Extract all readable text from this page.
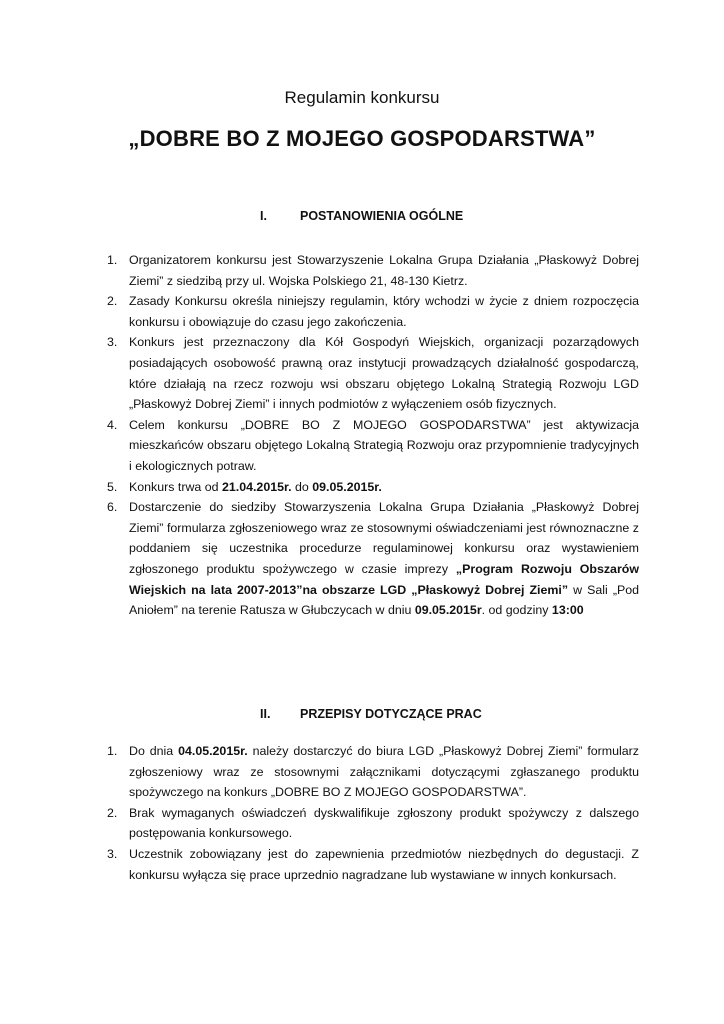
Regulamin konkursu
„DOBRE BO Z MOJEGO GOSPODARSTWA”
I.	POSTANOWIENIA OGÓLNE
1. Organizatorem konkursu jest Stowarzyszenie Lokalna Grupa Działania „Płaskowyż Dobrej Ziemi” z siedzibą przy ul. Wojska Polskiego 21, 48-130 Kietrz.
2. Zasady Konkursu określa niniejszy regulamin, który wchodzi w życie z dniem rozpoczęcia konkursu i obowiązuje do czasu jego zakończenia.
3. Konkurs jest przeznaczony dla Kół Gospodyń Wiejskich, organizacji pozarządowych posiadających osobowość prawną oraz instytucji prowadzących działalność gospodarczą, które działają na rzecz rozwoju wsi obszaru objętego Lokalną Strategią Rozwoju LGD „Płaskowyż Dobrej Ziemi” i innych podmiotów z wyłączeniem osób fizycznych.
4. Celem konkursu „DOBRE BO Z MOJEGO GOSPODARSTWA” jest aktywizacja mieszkańców obszaru objętego Lokalną Strategią Rozwoju oraz przypomnienie tradycyjnych i ekologicznych potraw.
5. Konkurs trwa od 21.04.2015r. do 09.05.2015r.
6. Dostarczenie do siedziby Stowarzyszenia Lokalna Grupa Działania „Płaskowyż Dobrej Ziemi” formularza zgłoszeniowego wraz ze stosownymi oświadczeniami jest równoznaczne z poddaniem się uczestnika procedurze regulaminowej konkursu oraz wystawieniem zgłoszonego produktu spożywczego w czasie imprezy „Program Rozwoju Obszarów Wiejskich na lata 2007-2013”na obszarze LGD „Płaskowyż Dobrej Ziemi” w Sali „Pod Aniołem” na terenie Ratusza w Głubczycach w dniu 09.05.2015r. od godziny 13:00
II. PRZEPISY DOTYCZĄCE PRAC
1. Do dnia 04.05.2015r. należy dostarczyć do biura LGD „Płaskowyż Dobrej Ziemi” formularz zgłoszeniowy wraz ze stosownymi załącznikami dotyczącymi zgłaszanego produktu spożywczego na konkurs „DOBRE BO Z MOJEGO GOSPODARSTWA”.
2. Brak wymaganych oświadczeń dyskwalifikuje zgłoszony produkt spożywczy z dalszego postępowania konkursowego.
3. Uczestnik zobowiązany jest do zapewnienia przedmiotów niezbędnych do degustacji. Z konkursu wyłącza się prace uprzednio nagradzane lub wystawiane w innych konkursach.
